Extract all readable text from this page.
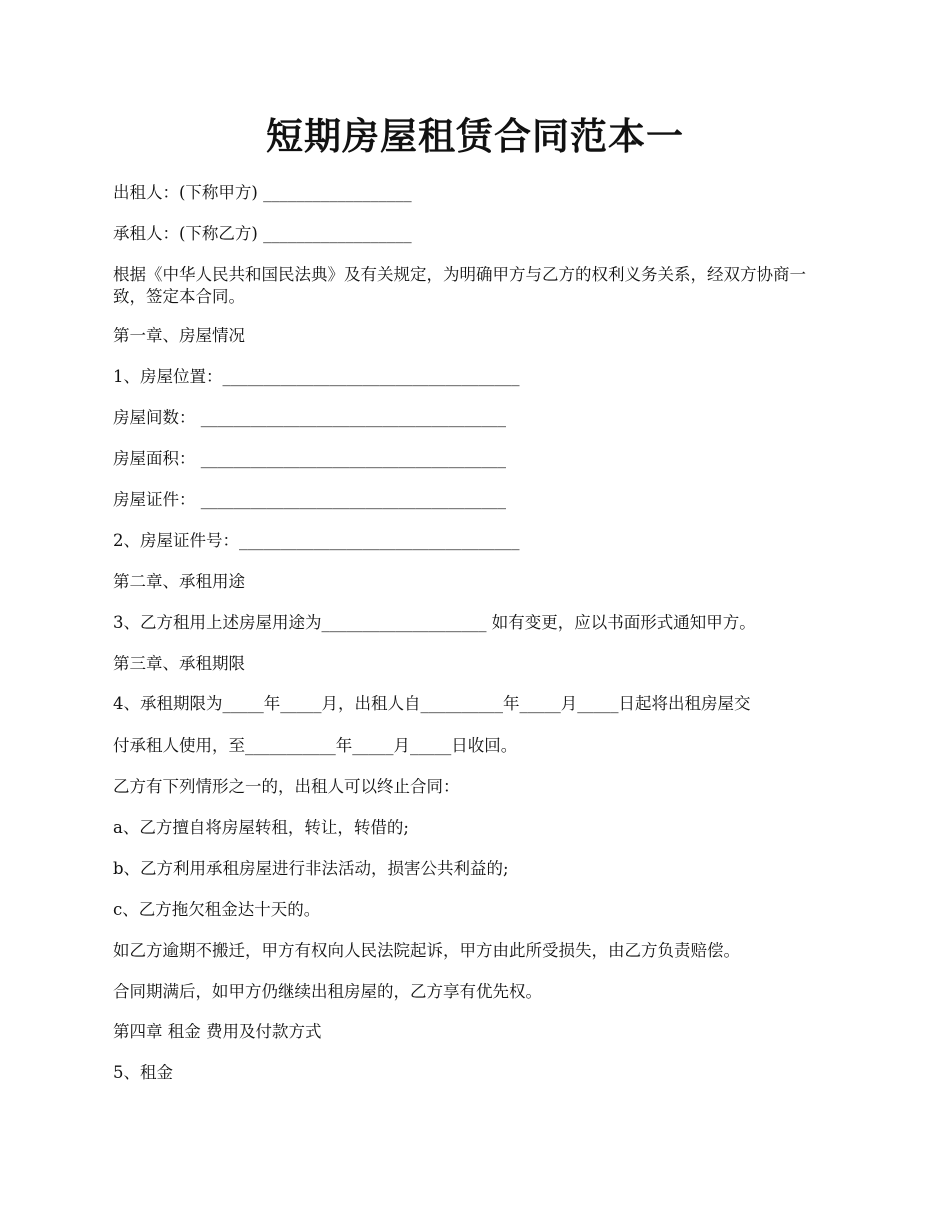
短期房屋租赁合同范本一
出租人：(下称甲方) __________________
承租人：(下称乙方) __________________
根据《中华人民共和国民法典》及有关规定，为明确甲方与乙方的权利义务关系，经双方协商一致，签定本合同。
第一章、房屋情况
1、房屋位置：____________________________________
房屋间数： _____________________________________
房屋面积： _____________________________________
房屋证件： _____________________________________
2、房屋证件号：__________________________________
第二章、承租用途
3、乙方租用上述房屋用途为____________________ 如有变更，应以书面形式通知甲方。
第三章、承租期限
4、承租期限为_____年_____月，出租人自__________年_____月_____日起将出租房屋交
付承租人使用，至___________年_____月_____日收回。
乙方有下列情形之一的，出租人可以终止合同：
a、乙方擅自将房屋转租，转让，转借的;
b、乙方利用承租房屋进行非法活动，损害公共利益的;
c、乙方拖欠租金达十天的。
如乙方逾期不搬迁，甲方有权向人民法院起诉，甲方由此所受损失，由乙方负责赔偿。
合同期满后，如甲方仍继续出租房屋的，乙方享有优先权。
第四章 租金 费用及付款方式
5、租金
